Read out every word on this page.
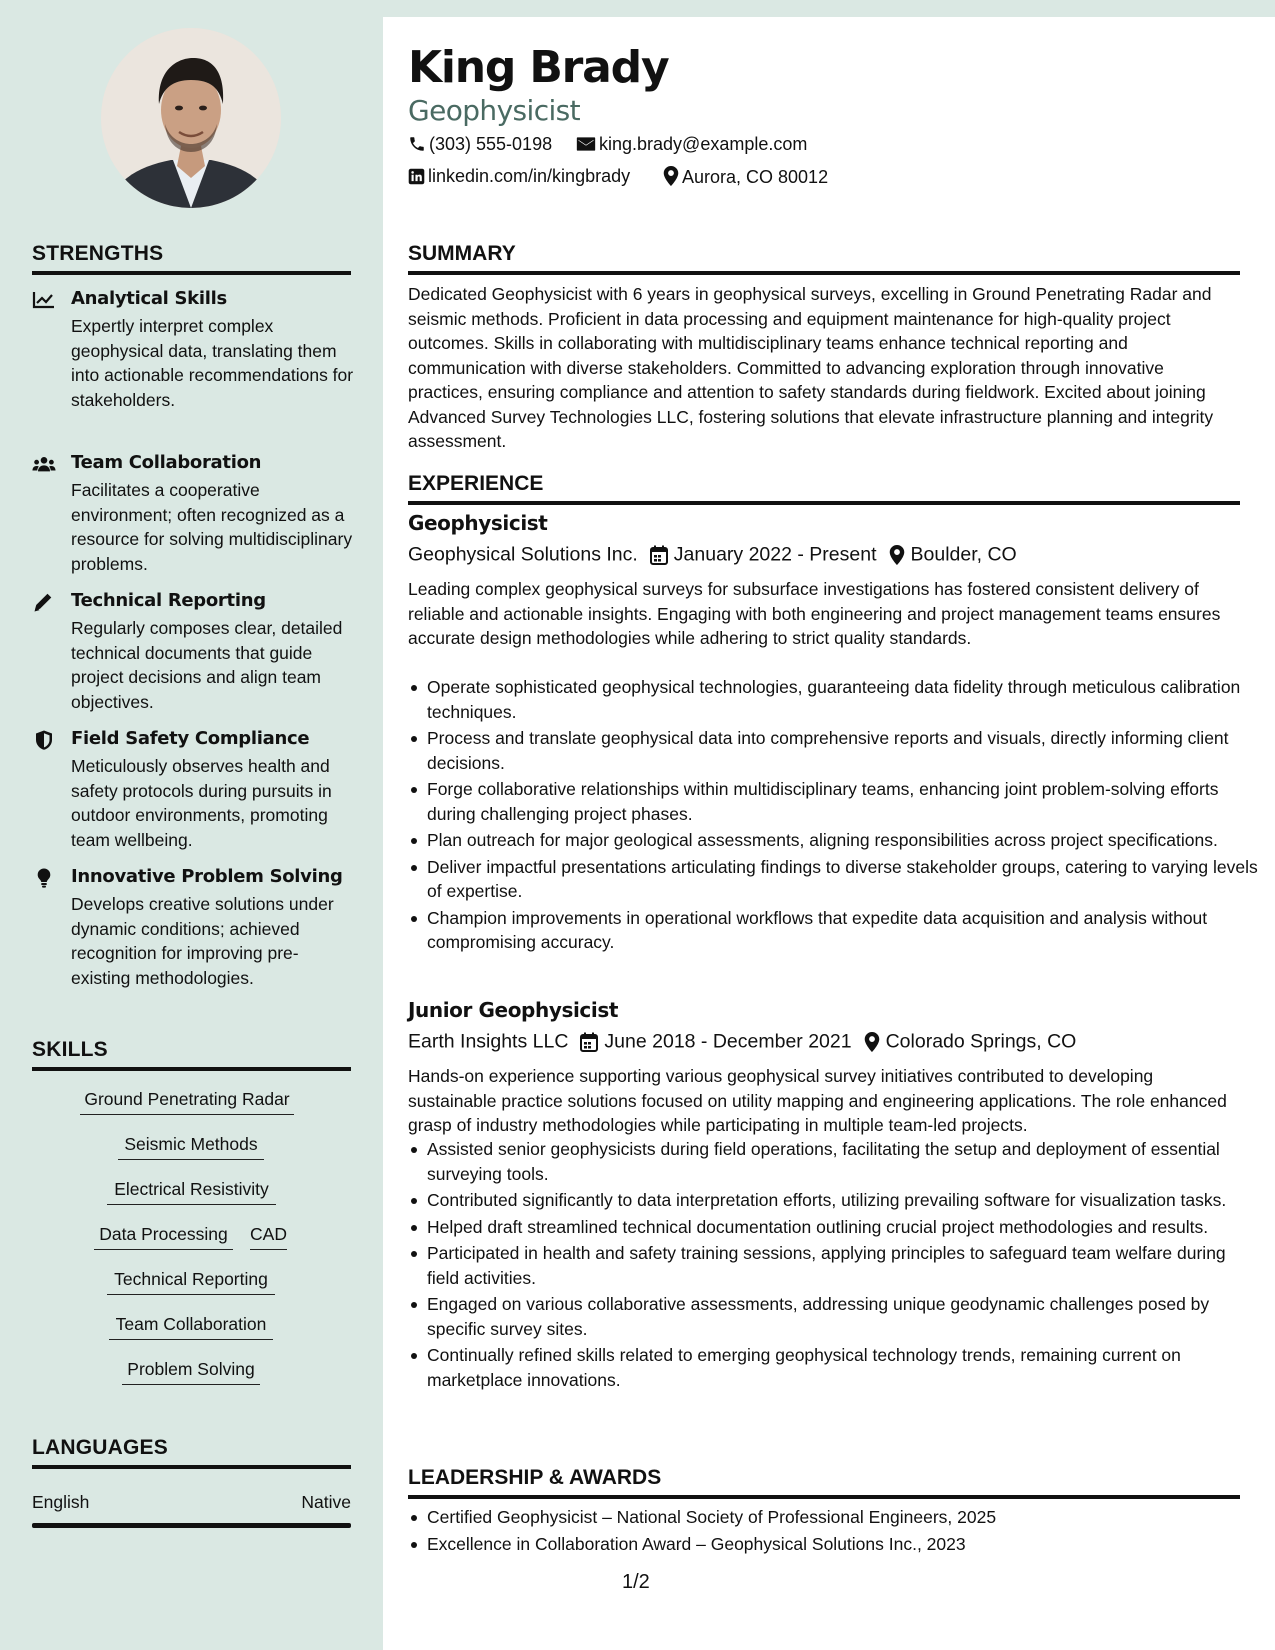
King Brady
Geophysicist
(303) 555-0198	king.brady@example.com
linkedin.com/in/kingbrady	Aurora, CO 80012
STRENGTHS
Analytical Skills
Expertly interpret complex geophysical data, translating them into actionable recommendations for stakeholders.
Team Collaboration
Facilitates a cooperative environment; often recognized as a resource for solving multidisciplinary problems.
Technical Reporting
Regularly composes clear, detailed technical documents that guide project decisions and align team objectives.
Field Safety Compliance
Meticulously observes health and safety protocols during pursuits in outdoor environments, promoting team wellbeing.
Innovative Problem Solving
Develops creative solutions under dynamic conditions; achieved recognition for improving pre-existing methodologies.
SKILLS
Ground Penetrating Radar
Seismic Methods
Electrical Resistivity
Data Processing	CAD
Technical Reporting
Team Collaboration
Problem Solving
LANGUAGES
English	Native
SUMMARY
Dedicated Geophysicist with 6 years in geophysical surveys, excelling in Ground Penetrating Radar and seismic methods. Proficient in data processing and equipment maintenance for high-quality project outcomes. Skills in collaborating with multidisciplinary teams enhance technical reporting and communication with diverse stakeholders. Committed to advancing exploration through innovative practices, ensuring compliance and attention to safety standards during fieldwork. Excited about joining Advanced Survey Technologies LLC, fostering solutions that elevate infrastructure planning and integrity assessment.
EXPERIENCE
Geophysicist
Geophysical Solutions Inc. January 2022 - Present Boulder, CO
Leading complex geophysical surveys for subsurface investigations has fostered consistent delivery of reliable and actionable insights. Engaging with both engineering and project management teams ensures accurate design methodologies while adhering to strict quality standards.
Operate sophisticated geophysical technologies, guaranteeing data fidelity through meticulous calibration techniques.
Process and translate geophysical data into comprehensive reports and visuals, directly informing client decisions.
Forge collaborative relationships within multidisciplinary teams, enhancing joint problem-solving efforts during challenging project phases.
Plan outreach for major geological assessments, aligning responsibilities across project specifications.
Deliver impactful presentations articulating findings to diverse stakeholder groups, catering to varying levels of expertise.
Champion improvements in operational workflows that expedite data acquisition and analysis without compromising accuracy.
Junior Geophysicist
Earth Insights LLC June 2018 - December 2021 Colorado Springs, CO
Hands-on experience supporting various geophysical survey initiatives contributed to developing sustainable practice solutions focused on utility mapping and engineering applications. The role enhanced grasp of industry methodologies while participating in multiple team-led projects.
Assisted senior geophysicists during field operations, facilitating the setup and deployment of essential surveying tools.
Contributed significantly to data interpretation efforts, utilizing prevailing software for visualization tasks.
Helped draft streamlined technical documentation outlining crucial project methodologies and results.
Participated in health and safety training sessions, applying principles to safeguard team welfare during field activities.
Engaged on various collaborative assessments, addressing unique geodynamic challenges posed by specific survey sites.
Continually refined skills related to emerging geophysical technology trends, remaining current on marketplace innovations.
LEADERSHIP & AWARDS
Certified Geophysicist – National Society of Professional Engineers, 2025
Excellence in Collaboration Award – Geophysical Solutions Inc., 2023
1/2
